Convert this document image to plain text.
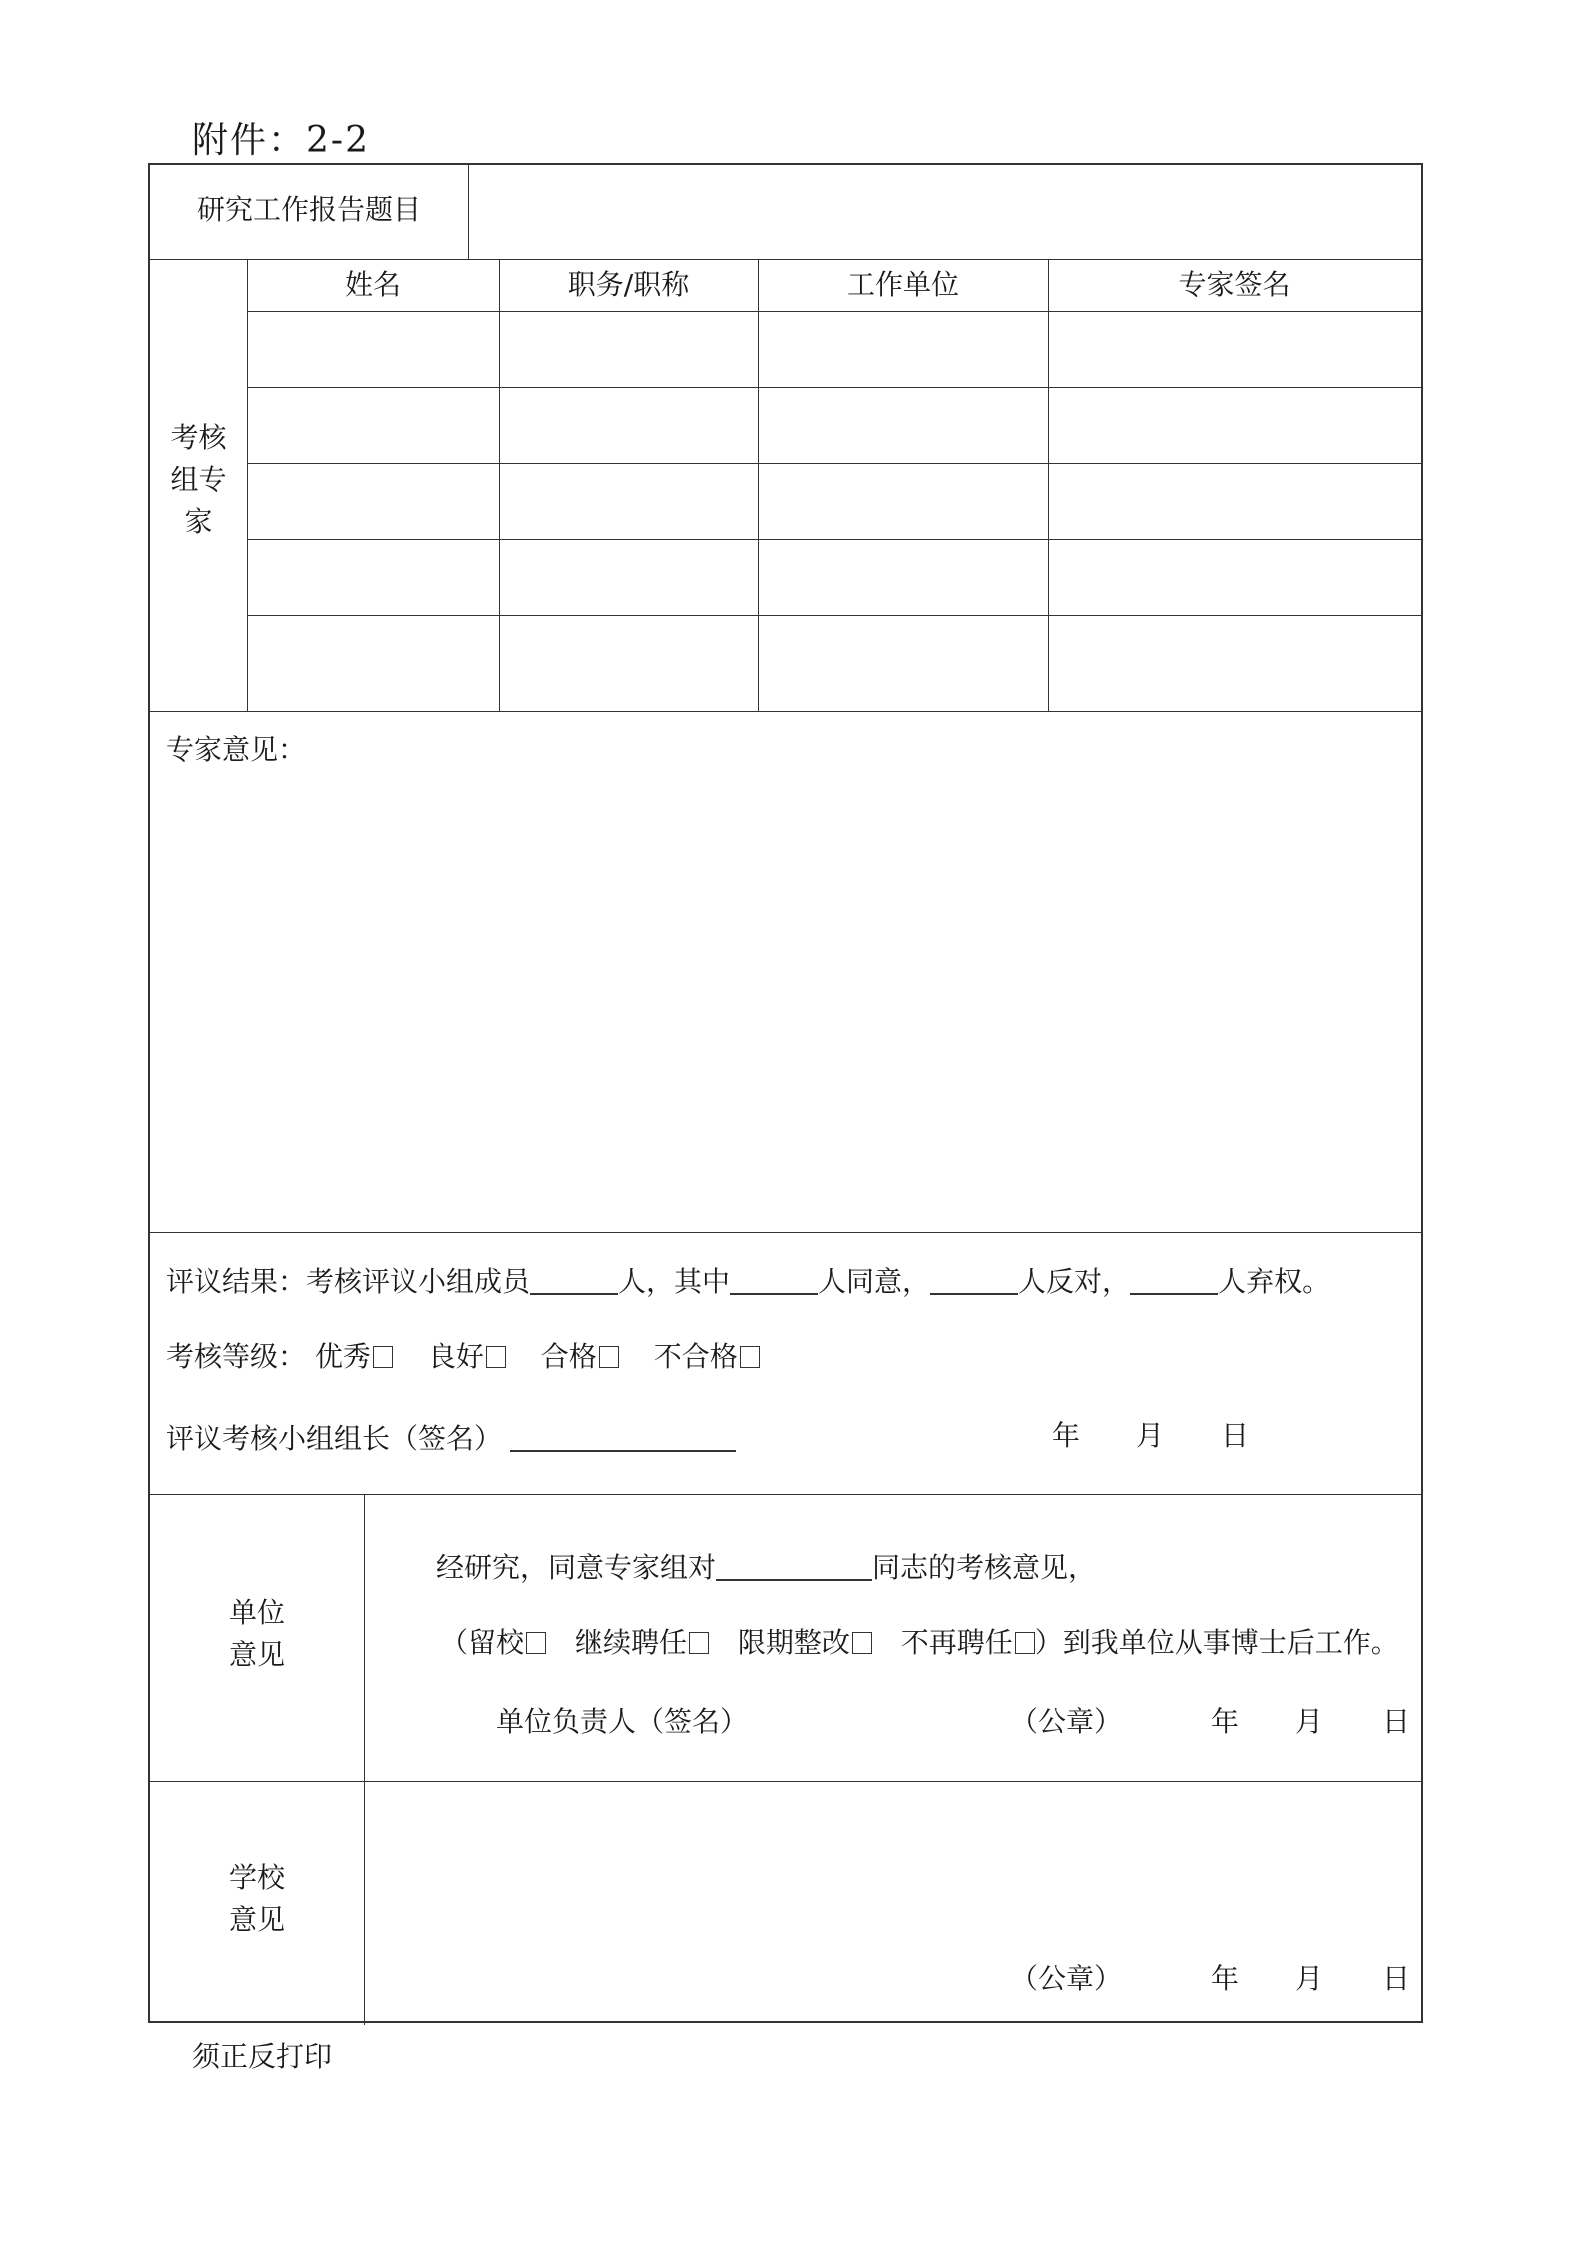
附件：2-2
研究工作报告题目
考核
组专
家
姓名	职务/职称	工作单位	专家签名
专家意见：
评议结果：考核评议小组成员	人，其中	人同意，	人反对，	人弃权。
考核等级： 优秀 良好 合格 不合格
评议考核小组组长（签名）	年 月 日
单位
意见
经研究，同意专家组对	同志的考核意见，
（留校 继续聘任 限期整改 不再聘任 ）到我单位从事博士后工作。
单位负责人（签名）	（公章）	年 月 日
学校
意见
（公章）	年 月 日
须正反打印
